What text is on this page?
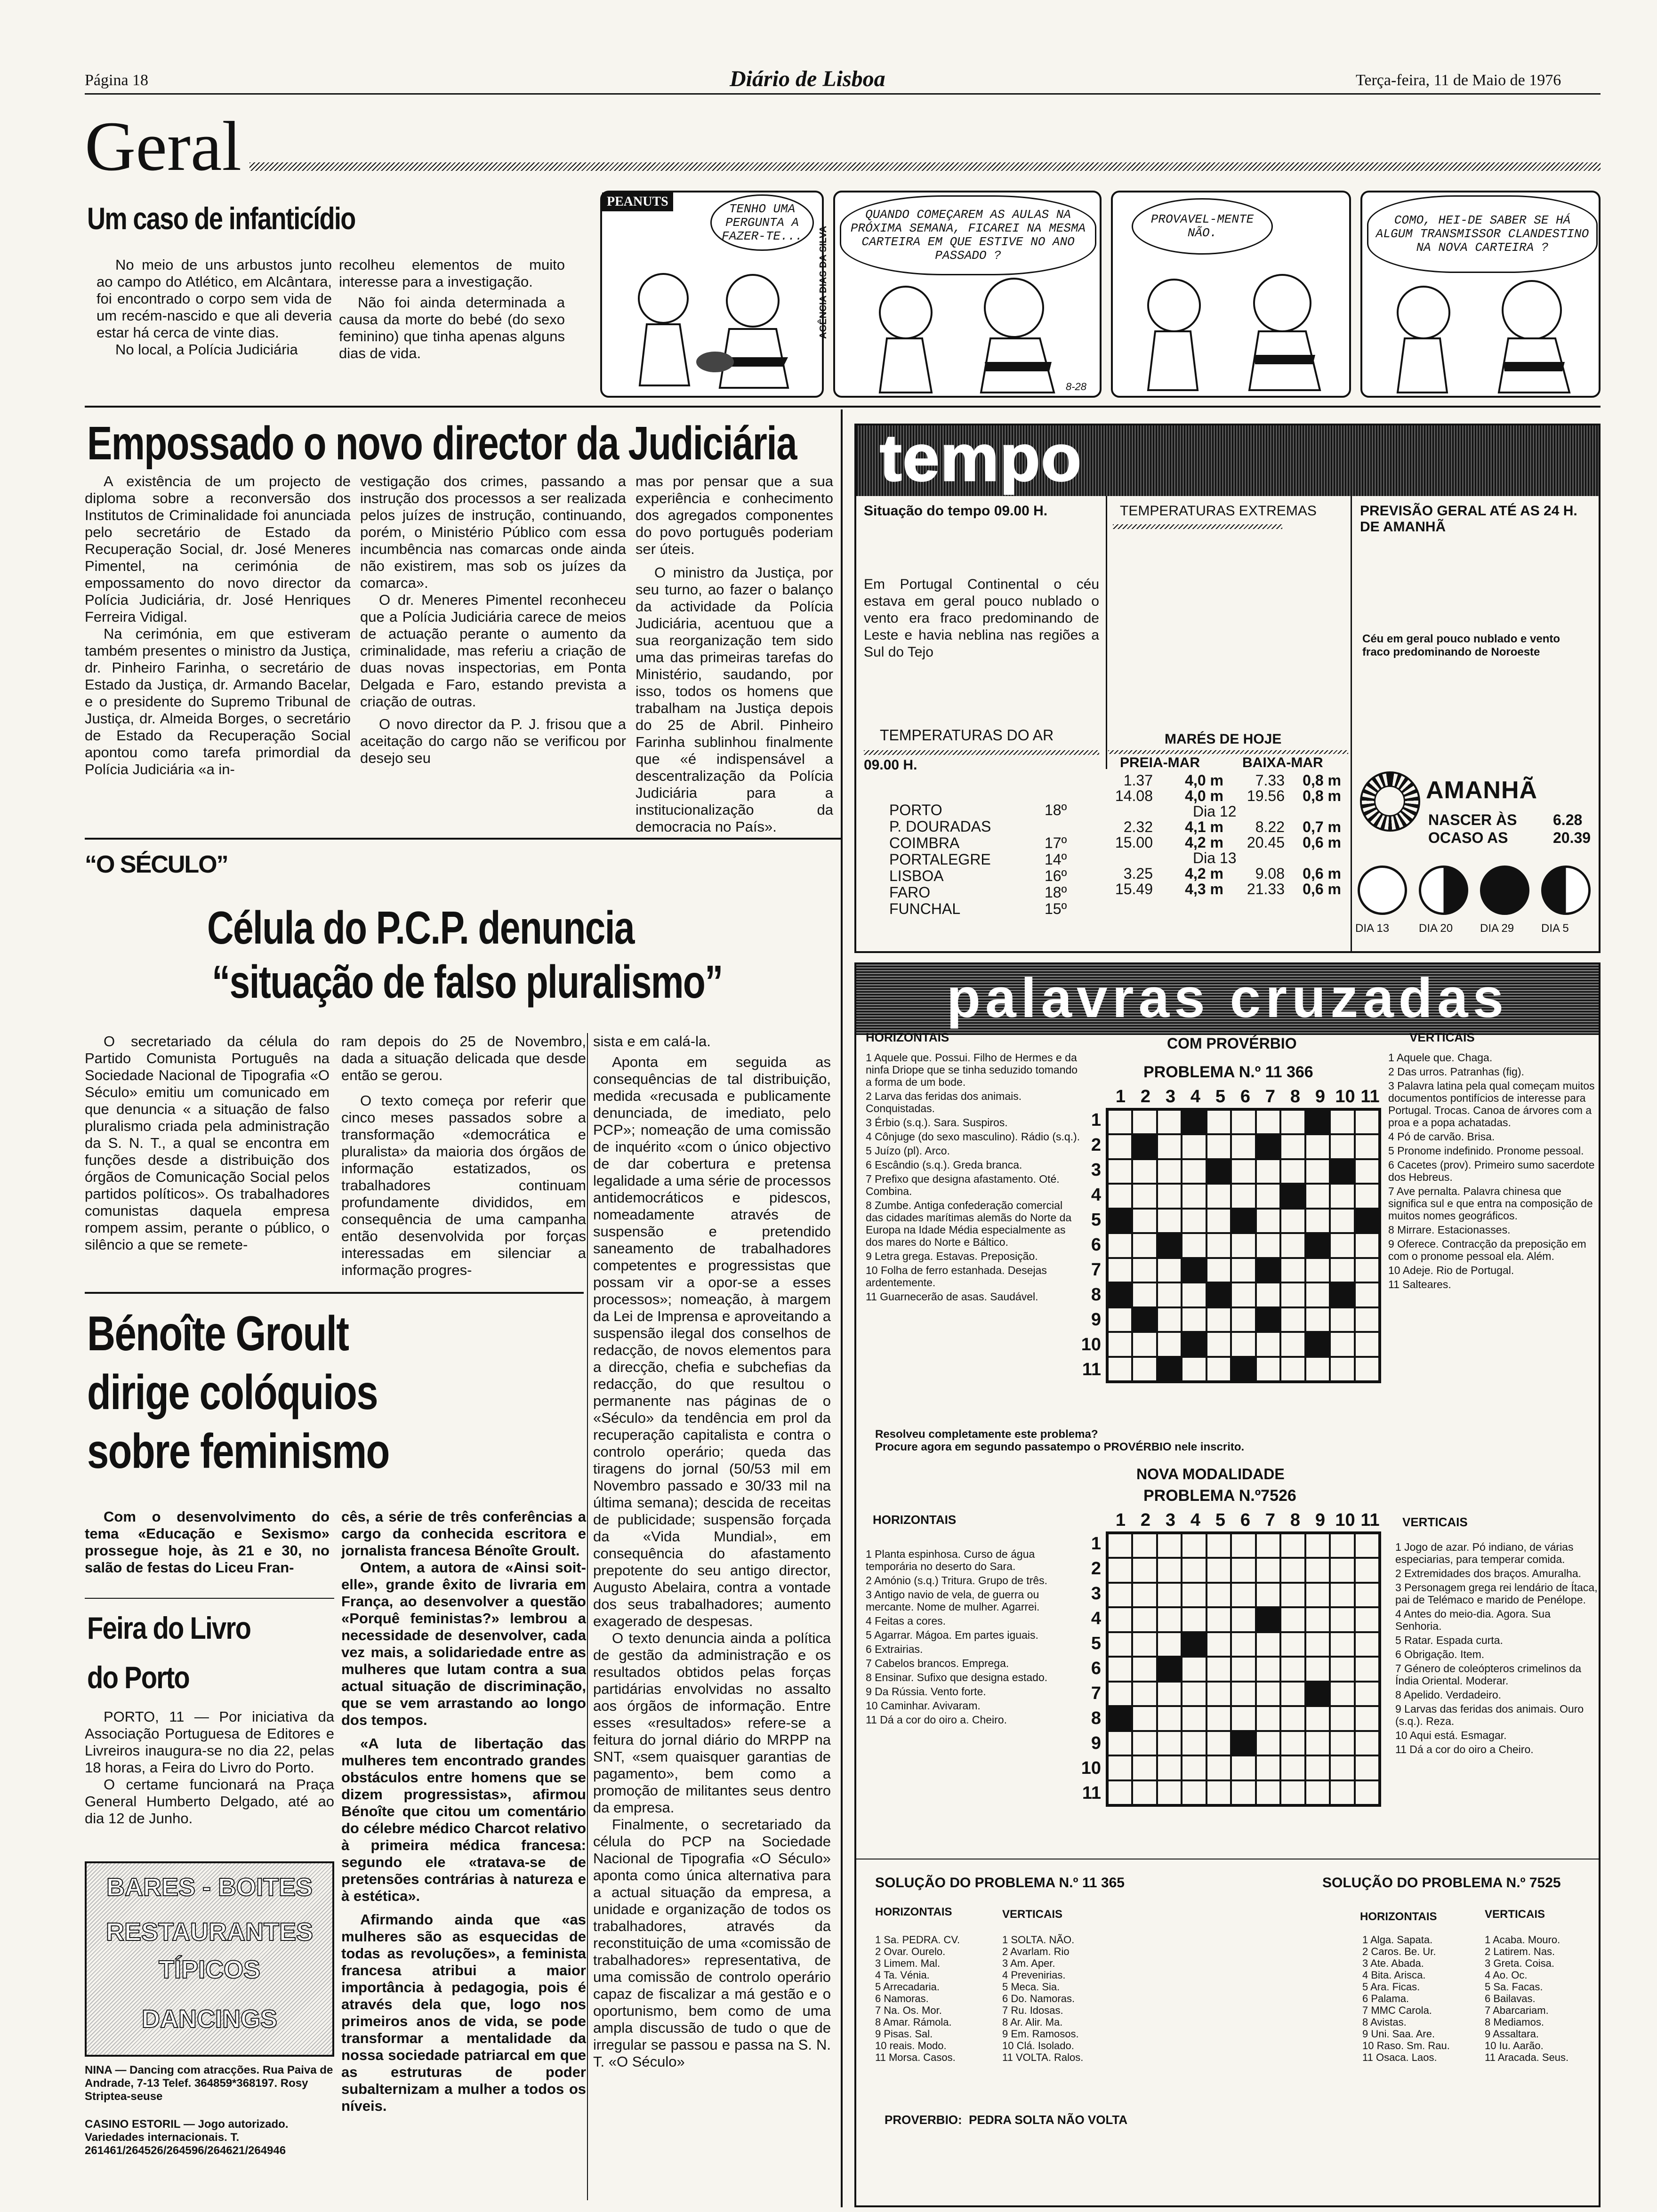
Página 18	Diário de Lisboa	Terça-feira, 11 de Maio de 1976
Geral
Um caso de infanticídio

No meio de uns arbustos junto ao campo do Atlético, em Alcântara, foi encontrado o corpo sem vida de um recém-nascido e que ali deveria estar há cerca de vinte dias.

No local, a Polícia Judiciária

recolheu elementos de muito interesse para a investigação.

Não foi ainda determinada a causa da morte do bebé (do sexo feminino) que tinha apenas alguns dias de vida.

PEANUTS	TENHO UMA PERGUNTA A FAZER-TE...	AGÊNCIA DIAS DA SILVA
QUANDO COMEÇAREM AS AULAS NA PRÓXIMA SEMANA, FICAREI NA MESMA CARTEIRA EM QUE ESTIVE NO ANO PASSADO ?
8-28
PROVAVEL-MENTE NÃO.
COMO, HEI-DE SABER SE HÁ ALGUM TRANSMISSOR CLANDESTINO NA NOVA CARTEIRA ?
Empossado o novo director da Judiciária

A existência de um projecto de diploma sobre a reconversão dos Institutos de Criminalidade foi anunciada pelo secretário de Estado da Recuperação Social, dr. José Meneres Pimentel, na cerimónia de empossamento do novo director da Polícia Judiciária, dr. José Henriques Ferreira Vidigal.

Na cerimónia, em que estiveram também presentes o ministro da Justiça, dr. Pinheiro Farinha, o secretário de Estado da Justiça, dr. Armando Bacelar, e o presidente do Supremo Tribunal de Justiça, dr. Almeida Borges, o secretário de Estado da Recuperação Social apontou como tarefa primordial da Polícia Judiciária «a in-

vestigação dos crimes, passando a instrução dos processos a ser realizada pelos juízes de instrução, continuando, porém, o Ministério Público com essa incumbência nas comarcas onde ainda não existirem, mas sob os juízes da comarca».

O dr. Meneres Pimentel reconheceu que a Polícia Judiciária carece de meios de actuação perante o aumento da criminalidade, mas referiu a criação de duas novas inspectorias, em Ponta Delgada e Faro, estando prevista a criação de outras.

O novo director da P. J. frisou que a aceitação do cargo não se verificou por desejo seu

mas por pensar que a sua experiência e conhecimento dos agregados componentes do povo português poderiam ser úteis.

O ministro da Justiça, por seu turno, ao fazer o balanço da actividade da Polícia Judiciária, acentuou que a sua reorganização tem sido uma das primeiras tarefas do Ministério, saudando, por isso, todos os homens que trabalham na Justiça depois do 25 de Abril. Pinheiro Farinha sublinhou finalmente que «é indispensável a descentralização da Polícia Judiciária para a institucionalização da democracia no País».

“O SÉCULO”
Célula do P.C.P. denuncia
“situação de falso pluralismo”

O secretariado da célula do Partido Comunista Português na Sociedade Nacional de Tipografia «O Século» emitiu um comunicado em que denuncia « a situação de falso pluralismo criada pela administração da S. N. T., a qual se encontra em funções desde a distribuição dos órgãos de Comunicação Social pelos partidos políticos». Os trabalhadores comunistas daquela empresa rompem assim, perante o público, o silêncio a que se remete-

ram depois do 25 de Novembro, dada a situação delicada que desde então se gerou.

O texto começa por referir que cinco meses passados sobre a transformação «democrática e pluralista» da maioria dos órgãos de informação estatizados, os trabalhadores continuam profundamente divididos, em consequência de uma campanha então desenvolvida por forças interessadas em silenciar a informação progres-

sista e em calá-la.

Aponta em seguida as consequências de tal distribuição, medida «recusada e publicamente denunciada, de imediato, pelo PCP»; nomeação de uma comissão de inquérito «com o único objectivo de dar cobertura e pretensa legalidade a uma série de processos antidemocráticos e pidescos, nomeadamente através de suspensão e pretendido saneamento de trabalhadores competentes e progressistas que possam vir a opor-se a esses processos»; nomeação, à margem da Lei de Imprensa e aproveitando a suspensão ilegal dos conselhos de redacção, de novos elementos para a direcção, chefia e subchefias da redacção, do que resultou o permanente nas páginas de o «Século» da tendência em prol da recuperação capitalista e contra o controlo operário; queda das tiragens do jornal (50/53 mil em Novembro passado e 30/33 mil na última semana); descida de receitas de publicidade; suspensão forçada da «Vida Mundial», em consequência do afastamento prepotente do seu antigo director, Augusto Abelaira, contra a vontade dos seus trabalhadores; aumento exagerado de despesas.

O texto denuncia ainda a política de gestão da administração e os resultados obtidos pelas forças partidárias envolvidas no assalto aos órgãos de informação. Entre esses «resultados» refere-se a feitura do jornal diário do MRPP na SNT, «sem quaisquer garantias de pagamento», bem como a promoção de militantes seus dentro da empresa.

Finalmente, o secretariado da célula do PCP na Sociedade Nacional de Tipografia «O Século» aponta como única alternativa para a actual situação da empresa, a unidade e organização de todos os trabalhadores, através da reconstituição de uma «comissão de trabalhadores» representativa, de uma comissão de controlo operário capaz de fiscalizar a má gestão e o oportunismo, bem como de uma ampla discussão de tudo o que de irregular se passou e passa na S. N. T. «O Século»

Bénoîte Groult
dirige colóquios
sobre feminismo

Com o desenvolvimento do tema «Educação e Sexismo» prossegue hoje, às 21 e 30, no salão de festas do Liceu Fran-

cês, a série de três conferências a cargo da conhecida escritora e jornalista francesa Bénoîte Groult.

Ontem, a autora de «Ainsi soit-elle», grande êxito de livraria em França, ao desenvolver a questão «Porquê feministas?» lembrou a necessidade de desenvolver, cada vez mais, a solidariedade entre as mulheres que lutam contra a sua actual situação de discriminação, que se vem arrastando ao longo dos tempos.

«A luta de libertação das mulheres tem encontrado grandes obstáculos entre homens que se dizem progressistas», afirmou Bénoîte que citou um comentário do célebre médico Charcot relativo à primeira médica francesa: segundo ele «tratava-se de pretensões contrárias à natureza e à estética».

Afirmando ainda que «as mulheres são as esquecidas de todas as revoluções», a feminista francesa atribui a maior importância à pedagogia, pois é através dela que, logo nos primeiros anos de vida, se pode transformar a mentalidade da nossa sociedade patriarcal em que as estruturas de poder subalternizam a mulher a todos os níveis.

Feira do Livro
do Porto

PORTO, 11 — Por iniciativa da Associação Portuguesa de Editores e Livreiros inaugura-se no dia 22, pelas 18 horas, a Feira do Livro do Porto.

O certame funcionará na Praça General Humberto Delgado, até ao dia 12 de Junho.

BARES - BOITES
RESTAURANTES
TÍPICOS
DANCINGS
NINA — Dancing com atracções. Rua Paiva de Andrade, 7-13 Telef. 364859*368197. Rosy Striptea-seuse
CASINO ESTORIL — Jogo autorizado. Variedades internacionais. T. 261461/264526/264596/264621/264946
tempo
Situação do tempo 09.00 H.
Em Portugal Continental o céu estava em geral pouco nublado o vento era fraco predominando de Leste e havia neblina nas regiões a Sul do Tejo
TEMPERATURAS EXTREMAS	PREVISÃO GERAL ATÉ AS 24 H. DE AMANHÃ
Céu em geral pouco nublado e vento fraco predominando de Noroeste
TEMPERATURAS DO AR
09.00 H.
PORTO	18º
P. DOURADAS
COIMBRA	17º
PORTALEGRE	14º
LISBOA	16º
FARO	18º
FUNCHAL	15º
MARÉS DE HOJE
PREIA-MAR	BAIXA-MAR
1.37	4,0 m	7.33	0,8 m
14.08	4,0 m	19.56	0,8 m
Dia 12
2.32	4,1 m	8.22	0,7 m
15.00	4,2 m	20.45	0,6 m
Dia 13
3.25	4,2 m	9.08	0,6 m
15.49	4,3 m	21.33	0,6 m
AMANHÃ
NASCER ÀS 6.28
OCASO AS	20.39
DIA 13	DIA 20 DIA 29 DIA 5
palavras cruzadas
HORIZONTAIS
1 Aquele que. Possui. Filho de Hermes e da ninfa Driope que se tinha seduzido tomando a forma de um bode.
2 Larva das feridas dos animais. Conquistadas.
3 Érbio (s.q.). Sara. Suspiros.
4 Cônjuge (do sexo masculino). Rádio (s.q.).
5 Juízo (pl). Arco.
6 Escândio (s.q.). Greda branca.
7 Prefixo que designa afastamento. Oté. Combina.
8 Zumbe. Antiga confederação comercial das cidades marítimas alemãs do Norte da Europa na Idade Média especialmente as dos mares do Norte e Báltico.
9 Letra grega. Estavas. Preposição.
10 Folha de ferro estanhada. Desejas ardentemente.
11 Guarnecerão de asas. Saudável.
COM PROVÉRBIO
PROBLEMA N.º 11 366
1 2 3 4 5 6 7 8 9 10 11
1
2
3
4
5
6
7
8
9
10
11
VERTICAIS
1 Aquele que. Chaga.
2 Das urros. Patranhas (fig).
3 Palavra latina pela qual começam muitos documentos pontifícios de interesse para Portugal. Trocas. Canoa de árvores com a proa e a popa achatadas.
4 Pó de carvão. Brisa.
5 Pronome indefinido. Pronome pessoal.
6 Cacetes (prov). Primeiro sumo sacerdote dos Hebreus.
7 Ave pernalta. Palavra chinesa que significa sul e que entra na composição de muitos nomes geográficos.
8 Mirrare. Estacionasses.
9 Oferece. Contracção da preposição em com o pronome pessoal ela. Além.
10 Adeje. Rio de Portugal.
11 Salteares.
Resolveu completamente este problema?
Procure agora em segundo passatempo o PROVÉRBIO nele inscrito.
NOVA MODALIDADE
PROBLEMA N.º7526
HORIZONTAIS
1 Planta espinhosa. Curso de água temporária no deserto do Sara.
2 Amónio (s.q.) Tritura. Grupo de três.
3 Antigo navio de vela, de guerra ou mercante. Nome de mulher. Agarrei.
4 Feitas a cores.
5 Agarrar. Mágoa. Em partes iguais.
6 Extrairias.
7 Cabelos brancos. Emprega.
8 Ensinar. Sufixo que designa estado.
9 Da Rússia. Vento forte.
10 Caminhar. Avivaram.
11 Dá a cor do oiro a. Cheiro.
1 2 3 4 5 6 7 8 9 10 11
1
2
3
4
5
6
7
8
9
10
11
VERTICAIS
1 Jogo de azar. Pó indiano, de várias especiarias, para temperar comida.
2 Extremidades dos braços. Amuralha.
3 Personagem grega rei lendário de Ítaca, pai de Telémaco e marido de Penélope.
4 Antes do meio-dia. Agora. Sua Senhoria.
5 Ratar. Espada curta.
6 Obrigação. Item.
7 Género de coleópteros crimelinos da Índia Oriental. Moderar.
8 Apelido. Verdadeiro.
9 Larvas das feridas dos animais. Ouro (s.q.). Reza.
10 Aqui está. Esmagar.
11 Dá a cor do oiro a Cheiro.
SOLUÇÃO DO PROBLEMA N.º 11 365
HORIZONTAIS	VERTICAIS
1 Sa. PEDRA. CV.
2 Ovar. Ourelo.
3 Limem. Mal.
4 Ta. Vénia.
5 Arrecadaria.
6 Namoras.
7 Na. Os. Mor.
8 Amar. Rámola.
9 Pisas. Sal.
10 reais. Modo.
11 Morsa. Casos.
1 SOLTA. NÃO.
2 Avarlam. Rio
3 Am. Aper.
4 Prevenirias.
5 Meca. Sia.
6 Do. Namoras.
7 Ru. Idosas.
8 Ar. Alir. Ma.
9 Em. Ramosos.
10 Clá. Isolado.
11 VOLTA. Ralos.
SOLUÇÃO DO PROBLEMA N.º 7525
HORIZONTAIS	VERTICAIS
1 Alga. Sapata.
2 Caros. Be. Ur.
3 Ate. Abada.
4 Bita. Arisca.
5 Ara. Ficas.
6 Palama.
7 MMC Carola.
8 Avistas.
9 Uni. Saa. Are.
10 Raso. Sm. Rau.
11 Osaca. Laos.
1 Acaba. Mouro.
2 Latirem. Nas.
3 Greta. Coisa.
4 Ao. Oc.
5 Sa. Facas.
6 Bailavas.
7 Abarcariam.
8 Mediamos.
9 Assaltara.
10 Iu. Aarão.
11 Aracada. Seus.
PROVERBIO:  PEDRA SOLTA NÃO VOLTA
